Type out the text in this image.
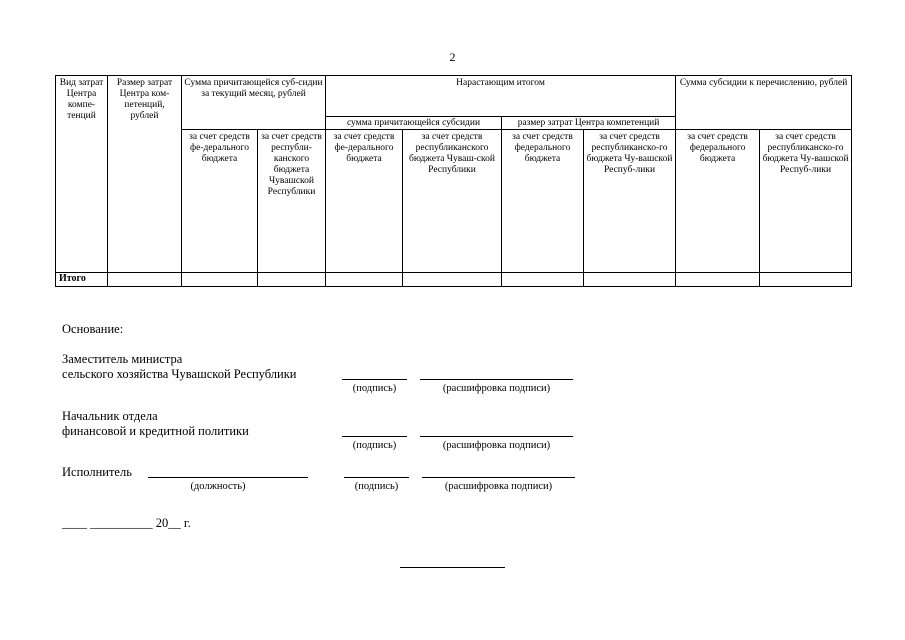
2
Вид затрат Центра компе-тенций	Размер затрат Центра ком-петенций, рублей	Сумма причитающейся суб-сидии за текущий месяц, рублей		Нарастающим итогом				Сумма субсидии к перечислению, рублей	
				сумма причитающейся субсидии		размер затрат Центра компетенций			
		за счет средств фе-дерального бюджета	за счет средств республи-канского бюджета Чувашской Республики	за счет средств фе-дерального бюджета	за счет средств республиканского бюджета Чуваш-ской Республики	за счет средств федерального бюджета	за счет средств республиканско-го бюджета Чу-вашской Респуб-лики	за счет средств федерального бюджета	за счет средств республиканско-го бюджета Чу-вашской Респуб-лики
Итого									
Основание:
Заместитель министра
сельского хозяйства Чувашской Республики
(подпись)	(расшифровка подписи)
Начальник отдела
финансовой и кредитной политики
(подпись)	(расшифровка подписи)
Исполнитель
(должность)	(подпись)	(расшифровка подписи)
____ __________ 20__ г.
